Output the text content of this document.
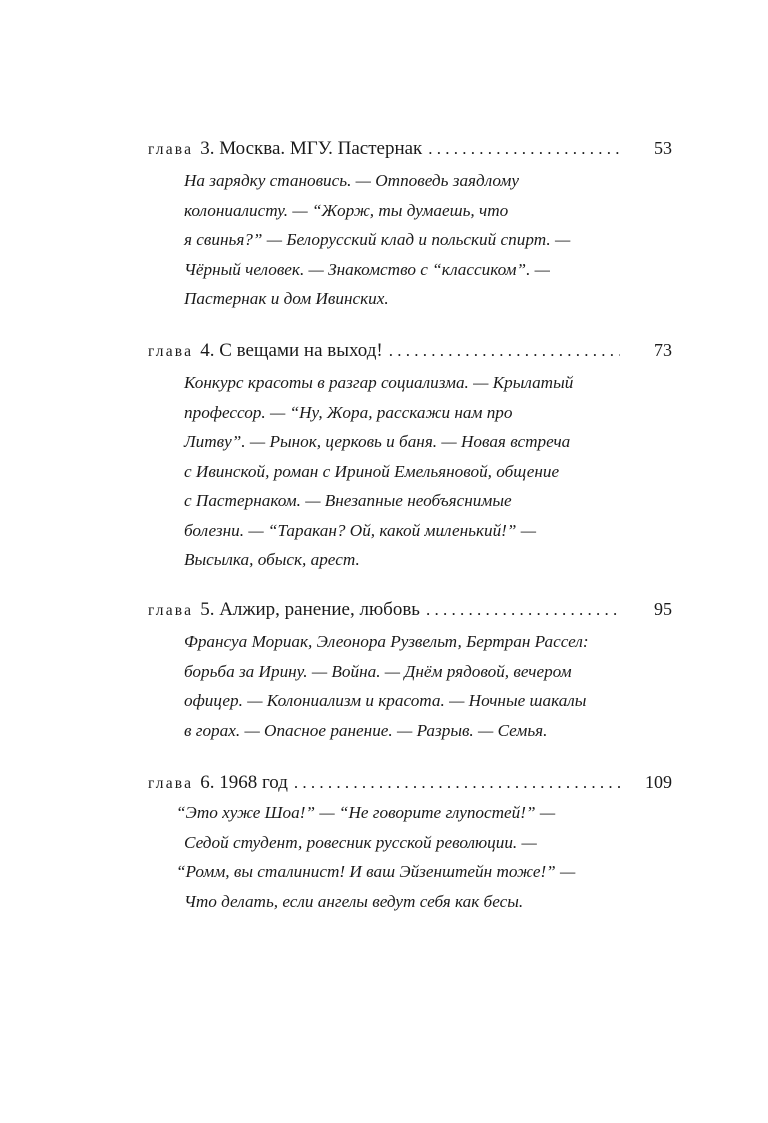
глава 3. Москва. МГУ. Пастернак . . .	53

На зарядку становись. — Отповедь заядлому
колониалисту. — “Жорж, ты думаешь, что
я свинья?” — Белорусский клад и польский спирт. —
Чёрный человек. — Знакомство с “классиком”. —
Пастернак и дом Ивинских.

глава 4. С вещами на выход! . . .	73

Конкурс красоты в разгар социализма. — Крылатый
профессор. — “Ну, Жора, расскажи нам про
Литву”. — Рынок, церковь и баня. — Новая встреча
с Ивинской, роман с Ириной Емельяновой, общение
с Пастернаком. — Внезапные необъяснимые
болезни. — “Таракан? Ой, какой миленький!” —
Высылка, обыск, арест.

глава 5. Алжир, ранение, любовь . . .	95

Франсуа Мориак, Элеонора Рузвельт, Бертран Рассел:
борьба за Ирину. — Война. — Днём рядовой, вечером
офицер. — Колониализм и красота. — Ночные шакалы
в горах. — Опасное ранение. — Разрыв. — Семья.

глава 6. 1968 год . . .	109

“Это хуже Шоа!” — “Не говорите глупостей!” —
Седой студент, ровесник русской революции. —
“Ромм, вы сталинист! И ваш Эйзенштейн тоже!” —
Что делать, если ангелы ведут себя как бесы.
